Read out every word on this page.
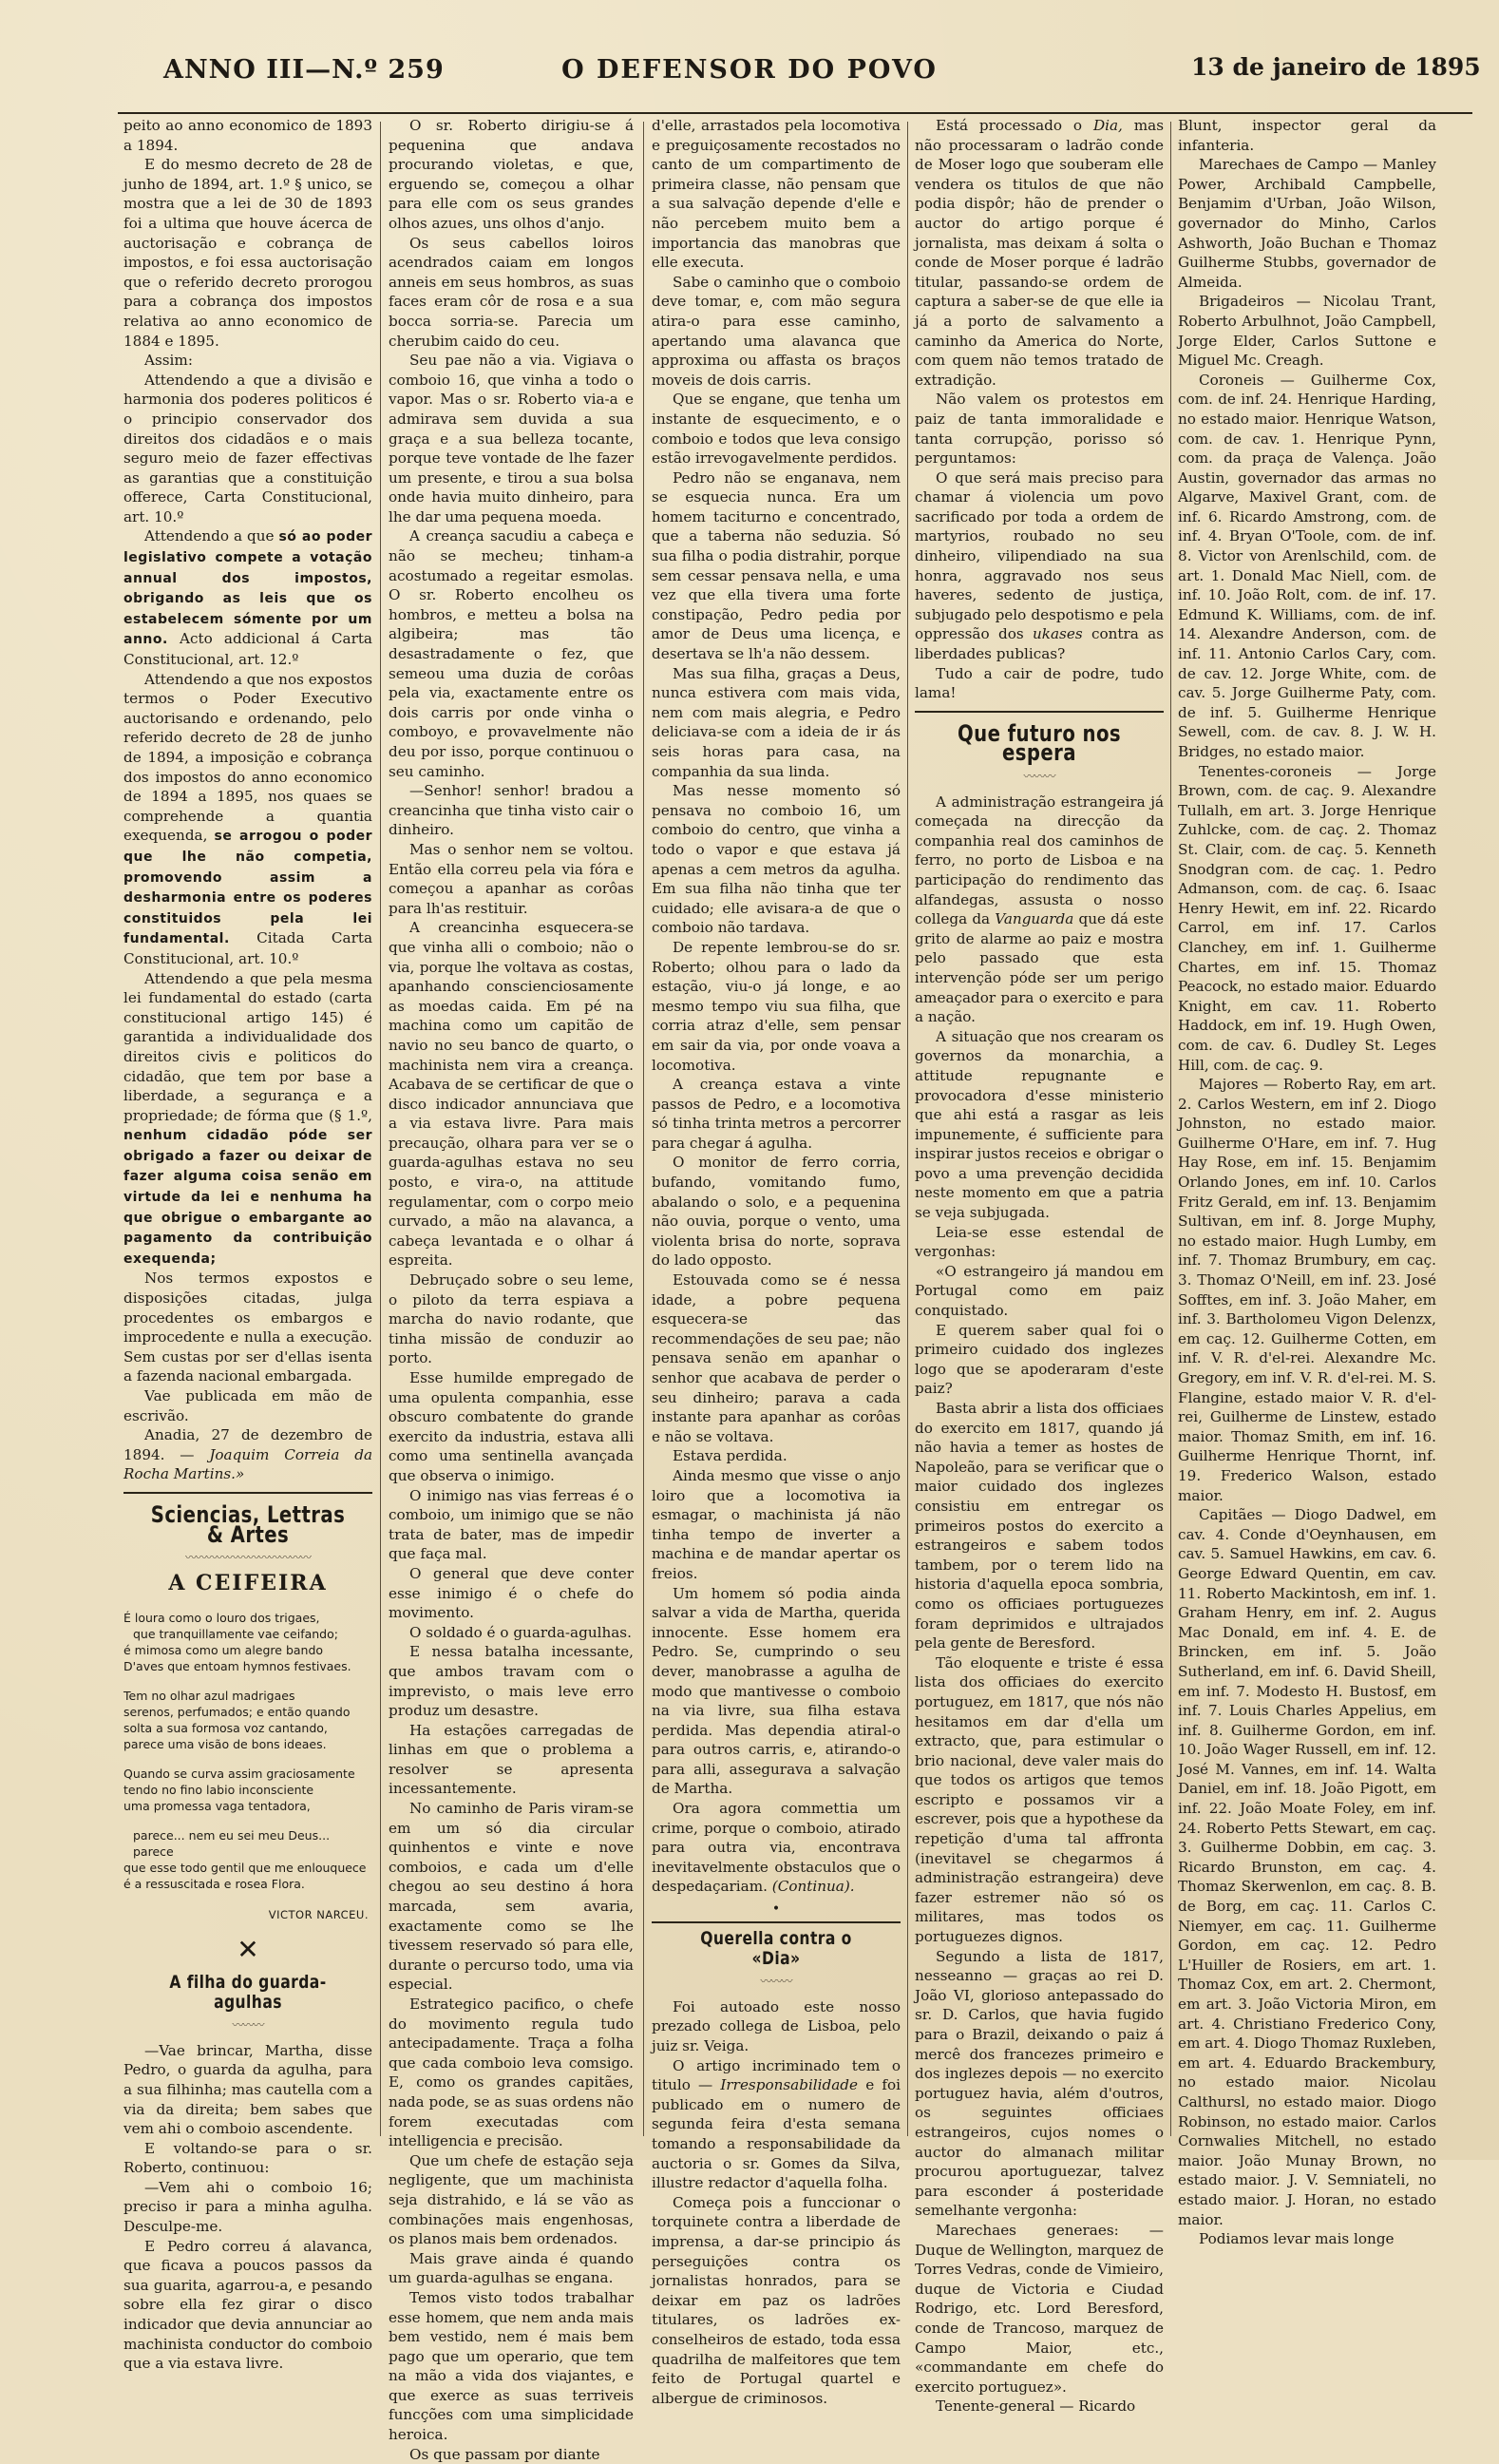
ANNO III—N.º 259	O DEFENSOR DO POVO	13 de janeiro de 1895

peito ao anno economico de 1893 a 1894.

E do mesmo decreto de 28 de junho de 1894, art. 1.º § unico, se mostra que a lei de 30 de 1893 foi a ultima que houve ácerca de auctorisação e cobrança de impostos, e foi essa auctorisação que o referido decreto prorogou para a cobrança dos impostos relativa ao anno economico de 1884 e 1895.

Assim:

Attendendo a que a divisão e harmonia dos poderes politicos é o principio conservador dos direitos dos cidadãos e o mais seguro meio de fazer effectivas as garantias que a constituição offerece, Carta Constitucional, art. 10.º

Attendendo a que só ao poder legislativo compete a votação annual dos impostos, obrigando as leis que os estabelecem sómente por um anno. Acto addicional á Carta Constitucional, art. 12.º

Attendendo a que nos expostos termos o Poder Executivo auctorisando e ordenando, pelo referido decreto de 28 de junho de 1894, a imposição e cobrança dos impostos do anno economico de 1894 a 1895, nos quaes se comprehende a quantia exequenda, se arrogou o poder que lhe não competia, promovendo assim a desharmonia entre os poderes constituidos pela lei fundamental. Citada Carta Constitucional, art. 10.º

Attendendo a que pela mesma lei fundamental do estado (carta constitucional artigo 145) é garantida a individualidade dos direitos civis e politicos do cidadão, que tem por base a liberdade, a segurança e a propriedade; de fórma que (§ 1.º, nenhum cidadão póde ser obrigado a fazer ou deixar de fazer alguma coisa senão em virtude da lei e nenhuma ha que obrigue o embargante ao pagamento da contribuição exequenda;

Nos termos expostos e disposições citadas, julga procedentes os embargos e improcedente e nulla a execução. Sem custas por ser d'ellas isenta a fazenda nacional embargada.

Vae publicada em mão de escrivão.

Anadia, 27 de dezembro de 1894. — Joaquim Correia da Rocha Martins.»

Sciencias, Lettras & Artes
〰〰〰〰〰〰〰〰〰〰〰〰
A CEIFEIRA
É loura como o louro dos trigaes,
que tranquillamente vae ceifando;
é mimosa como um alegre bando
D'aves que entoam hymnos festivaes.
Tem no olhar azul madrigaes
serenos, perfumados; e então quando
solta a sua formosa voz cantando,
parece uma visão de bons ideaes.
Quando se curva assim graciosamente
tendo no fino labio inconsciente
uma promessa vaga tentadora,
parece... nem eu sei meu Deus... parece
que esse todo gentil que me enlouquece
é a ressuscitada e rosea Flora.
VICTOR NARCEU.
✕
A filha do guarda-agulhas
〰〰〰

—Vae brincar, Martha, disse Pedro, o guarda da agulha, para a sua filhinha; mas cautella com a via da direita; bem sabes que vem ahi o comboio ascendente.

E voltando-se para o sr. Roberto, continuou:

—Vem ahi o comboio 16; preciso ir para a minha agulha. Desculpe-me.

E Pedro correu á alavanca, que ficava a poucos passos da sua guarita, agarrou-a, e pesando sobre ella fez girar o disco indicador que devia annunciar ao machinista conductor do comboio que a via estava livre.

O sr. Roberto dirigiu-se á pequenina que andava procurando violetas, e que, erguendo se, começou a olhar para elle com os seus grandes olhos azues, uns olhos d'anjo.

Os seus cabellos loiros acendrados caiam em longos anneis em seus hombros, as suas faces eram côr de rosa e a sua bocca sorria-se. Parecia um cherubim caido do ceu.

Seu pae não a via. Vigiava o comboio 16, que vinha a todo o vapor. Mas o sr. Roberto via-a e admirava sem duvida a sua graça e a sua belleza tocante, porque teve vontade de lhe fazer um presente, e tirou a sua bolsa onde havia muito dinheiro, para lhe dar uma pequena moeda.

A creança sacudiu a cabeça e não se mecheu; tinham-a acostumado a regeitar esmolas. O sr. Roberto encolheu os hombros, e metteu a bolsa na algibeira; mas tão desastradamente o fez, que semeou uma duzia de corôas pela via, exactamente entre os dois carris por onde vinha o comboyo, e provavelmente não deu por isso, porque continuou o seu caminho.

—Senhor! senhor! bradou a creancinha que tinha visto cair o dinheiro.

Mas o senhor nem se voltou. Então ella correu pela via fóra e começou a apanhar as corôas para lh'as restituir.

A creancinha esquecera-se que vinha alli o comboio; não o via, porque lhe voltava as costas, apanhando conscienciosamente as moedas caida. Em pé na machina como um capitão de navio no seu banco de quarto, o machinista nem vira a creança. Acabava de se certificar de que o disco indicador annunciava que a via estava livre. Para mais precaução, olhara para ver se o guarda-agulhas estava no seu posto, e vira-o, na attitude regulamentar, com o corpo meio curvado, a mão na alavanca, a cabeça levantada e o olhar á espreita.

Debruçado sobre o seu leme, o piloto da terra espiava a marcha do navio rodante, que tinha missão de conduzir ao porto.

Esse humilde empregado de uma opulenta companhia, esse obscuro combatente do grande exercito da industria, estava alli como uma sentinella avançada que observa o inimigo.

O inimigo nas vias ferreas é o comboio, um inimigo que se não trata de bater, mas de impedir que faça mal.

O general que deve conter esse inimigo é o chefe do movimento.

O soldado é o guarda-agulhas.

E nessa batalha incessante, que ambos travam com o imprevisto, o mais leve erro produz um desastre.

Ha estações carregadas de linhas em que o problema a resolver se apresenta incessantemente.

No caminho de Paris viram-se em um só dia circular quinhentos e vinte e nove comboios, e cada um d'elle chegou ao seu destino á hora marcada, sem avaria, exactamente como se lhe tivessem reservado só para elle, durante o percurso todo, uma via especial.

Estrategico pacifico, o chefe do movimento regula tudo antecipadamente. Traça a folha que cada comboio leva comsigo. E, como os grandes capitães, nada pode, se as suas ordens não forem executadas com intelligencia e precisão.

Que um chefe de estação seja negligente, que um machinista seja distrahido, e lá se vão as combinações mais engenhosas, os planos mais bem ordenados.

Mais grave ainda é quando um guarda-agulhas se engana.

Temos visto todos trabalhar esse homem, que nem anda mais bem vestido, nem é mais bem pago que um operario, que tem na mão a vida dos viajantes, e que exerce as suas terriveis funcções com uma simplicidade heroica.

Os que passam por diante

d'elle, arrastados pela locomotiva e preguiçosamente recostados no canto de um compartimento de primeira classe, não pensam que a sua salvação depende d'elle e não percebem muito bem a importancia das manobras que elle executa.

Sabe o caminho que o comboio deve tomar, e, com mão segura atira-o para esse caminho, apertando uma alavanca que approxima ou affasta os braços moveis de dois carris.

Que se engane, que tenha um instante de esquecimento, e o comboio e todos que leva consigo estão irrevogavelmente perdidos.

Pedro não se enganava, nem se esquecia nunca. Era um homem taciturno e concentrado, que a taberna não seduzia. Só sua filha o podia distrahir, porque sem cessar pensava nella, e uma vez que ella tivera uma forte constipação, Pedro pedia por amor de Deus uma licença, e desertava se lh'a não dessem.

Mas sua filha, graças a Deus, nunca estivera com mais vida, nem com mais alegria, e Pedro deliciava-se com a ideia de ir ás seis horas para casa, na companhia da sua linda.

Mas nesse momento só pensava no comboio 16, um comboio do centro, que vinha a todo o vapor e que estava já apenas a cem metros da agulha. Em sua filha não tinha que ter cuidado; elle avisara-a de que o comboio não tardava.

De repente lembrou-se do sr. Roberto; olhou para o lado da estação, viu-o já longe, e ao mesmo tempo viu sua filha, que corria atraz d'elle, sem pensar em sair da via, por onde voava a locomotiva.

A creança estava a vinte passos de Pedro, e a locomotiva só tinha trinta metros a percorrer para chegar á agulha.

O monitor de ferro corria, bufando, vomitando fumo, abalando o solo, e a pequenina não ouvia, porque o vento, uma violenta brisa do norte, soprava do lado opposto.

Estouvada como se é nessa idade, a pobre pequena esquecera-se das recommendações de seu pae; não pensava senão em apanhar o senhor que acabava de perder o seu dinheiro; parava a cada instante para apanhar as corôas e não se voltava.

Estava perdida.

Ainda mesmo que visse o anjo loiro que a locomotiva ia esmagar, o machinista já não tinha tempo de inverter a machina e de mandar apertar os freios.

Um homem só podia ainda salvar a vida de Martha, querida innocente. Esse homem era Pedro. Se, cumprindo o seu dever, manobrasse a agulha de modo que mantivesse o comboio na via livre, sua filha estava perdida. Mas dependia atiral-o para outros carris, e, atirando-o para alli, assegurava a salvação de Martha.

Ora agora commettia um crime, porque o comboio, atirado para outra via, encontrava inevitavelmente obstaculos que o despedaçariam. (Continua).

•
Querella contra o «Dia»
〰〰〰

Foi autoado este nosso prezado collega de Lisboa, pelo juiz sr. Veiga.

O artigo incriminado tem o titulo — Irresponsabilidade e foi publicado em o numero de segunda feira d'esta semana tomando a responsabilidade da auctoria o sr. Gomes da Silva, illustre redactor d'aquella folha.

Começa pois a funccionar o torquinete contra a liberdade de imprensa, a dar-se principio ás perseguições contra os jornalistas honrados, para se deixar em paz os ladrões titulares, os ladrões ex-conselheiros de estado, toda essa quadrilha de malfeitores que tem feito de Portugal quartel e albergue de criminosos.

Está processado o Dia, mas não processaram o ladrão conde de Moser logo que souberam elle vendera os titulos de que não podia dispôr; hão de prender o auctor do artigo porque é jornalista, mas deixam á solta o conde de Moser porque é ladrão titular, passando-se ordem de captura a saber-se de que elle ia já a porto de salvamento a caminho da America do Norte, com quem não temos tratado de extradição.

Não valem os protestos em paiz de tanta immoralidade e tanta corrupção, porisso só perguntamos:

O que será mais preciso para chamar á violencia um povo sacrificado por toda a ordem de martyrios, roubado no seu dinheiro, vilipendiado na sua honra, aggravado nos seus haveres, sedento de justiça, subjugado pelo despotismo e pela oppressão dos ukases contra as liberdades publicas?

Tudo a cair de podre, tudo lama!

Que futuro nos espera
〰〰〰

A administração estrangeira já começada na direcção da companhia real dos caminhos de ferro, no porto de Lisboa e na participação do rendimento das alfandegas, assusta o nosso collega da Vanguarda que dá este grito de alarme ao paiz e mostra pelo passado que esta intervenção póde ser um perigo ameaçador para o exercito e para a nação.

A situação que nos crearam os governos da monarchia, a attitude repugnante e provocadora d'esse ministerio que ahi está a rasgar as leis impunemente, é sufficiente para inspirar justos receios e obrigar o povo a uma prevenção decidida neste momento em que a patria se veja subjugada.

Leia-se esse estendal de vergonhas:

«O estrangeiro já mandou em Portugal como em paiz conquistado.

E querem saber qual foi o primeiro cuidado dos inglezes logo que se apoderaram d'este paiz?

Basta abrir a lista dos officiaes do exercito em 1817, quando já não havia a temer as hostes de Napoleão, para se verificar que o maior cuidado dos inglezes consistiu em entregar os primeiros postos do exercito a estrangeiros e sabem todos tambem, por o terem lido na historia d'aquella epoca sombria, como os officiaes portuguezes foram deprimidos e ultrajados pela gente de Beresford.

Tão eloquente e triste é essa lista dos officiaes do exercito portuguez, em 1817, que nós não hesitamos em dar d'ella um extracto, que, para estimular o brio nacional, deve valer mais do que todos os artigos que temos escripto e possamos vir a escrever, pois que a hypothese da repetição d'uma tal affronta (inevitavel se chegarmos á administração estrangeira) deve fazer estremer não só os militares, mas todos os portuguezes dignos.

Segundo a lista de 1817, nesseanno — graças ao rei D. João VI, glorioso antepassado do sr. D. Carlos, que havia fugido para o Brazil, deixando o paiz á mercê dos francezes primeiro e dos inglezes depois — no exercito portuguez havia, além d'outros, os seguintes officiaes estrangeiros, cujos nomes o auctor do almanach militar procurou aportuguezar, talvez para esconder á posteridade semelhante vergonha:

Marechaes generaes: — Duque de Wellington, marquez de Torres Vedras, conde de Vimieiro, duque de Victoria e Ciudad Rodrigo, etc. Lord Beresford, conde de Trancoso, marquez de Campo Maior, etc., «commandante em chefe do exercito portuguez».

Tenente-general — Ricardo

Blunt, inspector geral da infanteria.

Marechaes de Campo — Manley Power, Archibald Campbelle, Benjamim d'Urban, João Wilson, governador do Minho, Carlos Ashworth, João Buchan e Thomaz Guilherme Stubbs, governador de Almeida.

Brigadeiros — Nicolau Trant, Roberto Arbulhnot, João Campbell, Jorge Elder, Carlos Suttone e Miguel Mc. Creagh.

Coroneis — Guilherme Cox, com. de inf. 24. Henrique Harding, no estado maior. Henrique Watson, com. de cav. 1. Henrique Pynn, com. da praça de Valença. João Austin, governador das armas no Algarve, Maxivel Grant, com. de inf. 6. Ricardo Amstrong, com. de inf. 4. Bryan O'Toole, com. de inf. 8. Victor von Arenlschild, com. de art. 1. Donald Mac Niell, com. de inf. 10. João Rolt, com. de inf. 17. Edmund K. Williams, com. de inf. 14. Alexandre Anderson, com. de inf. 11. Antonio Carlos Cary, com. de cav. 12. Jorge White, com. de cav. 5. Jorge Guilherme Paty, com. de inf. 5. Guilherme Henrique Sewell, com. de cav. 8. J. W. H. Bridges, no estado maior.

Tenentes-coroneis — Jorge Brown, com. de caç. 9. Alexandre Tullalh, em art. 3. Jorge Henrique Zuhlcke, com. de caç. 2. Thomaz St. Clair, com. de caç. 5. Kenneth Snodgran com. de caç. 1. Pedro Admanson, com. de caç. 6. Isaac Henry Hewit, em inf. 22. Ricardo Carrol, em inf. 17. Carlos Clanchey, em inf. 1. Guilherme Chartes, em inf. 15. Thomaz Peacock, no estado maior. Eduardo Knight, em cav. 11. Roberto Haddock, em inf. 19. Hugh Owen, com. de cav. 6. Dudley St. Leges Hill, com. de caç. 9.

Majores — Roberto Ray, em art. 2. Carlos Western, em inf 2. Diogo Johnston, no estado maior. Guilherme O'Hare, em inf. 7. Hug Hay Rose, em inf. 15. Benjamim Orlando Jones, em inf. 10. Carlos Fritz Gerald, em inf. 13. Benjamim Sultivan, em inf. 8. Jorge Muphy, no estado maior. Hugh Lumby, em inf. 7. Thomaz Brumbury, em caç. 3. Thomaz O'Neill, em inf. 23. José Sofftes, em inf. 3. João Maher, em inf. 3. Bartholomeu Vigon Delenzx, em caç. 12. Guilherme Cotten, em inf. V. R. d'el-rei. Alexandre Mc. Gregory, em inf. V. R. d'el-rei. M. S. Flangine, estado maior V. R. d'el-rei, Guilherme de Linstew, estado maior. Thomaz Smith, em inf. 16. Guilherme Henrique Thornt, inf. 19. Frederico Walson, estado maior.

Capitães — Diogo Dadwel, em cav. 4. Conde d'Oeynhausen, em cav. 5. Samuel Hawkins, em cav. 6. George Edward Quentin, em cav. 11. Roberto Mackintosh, em inf. 1. Graham Henry, em inf. 2. Augus Mac Donald, em inf. 4. E. de Brincken, em inf. 5. João Sutherland, em inf. 6. David Sheill, em inf. 7. Modesto H. Bustosf, em inf. 7. Louis Charles Appelius, em inf. 8. Guilherme Gordon, em inf. 10. João Wager Russell, em inf. 12. José M. Vannes, em inf. 14. Walta Daniel, em inf. 18. João Pigott, em inf. 22. João Moate Foley, em inf. 24. Roberto Petts Stewart, em caç. 3. Guilherme Dobbin, em caç. 3. Ricardo Brunston, em caç. 4. Thomaz Skerwenlon, em caç. 8. B. de Borg, em caç. 11. Carlos C. Niemyer, em caç. 11. Guilherme Gordon, em caç. 12. Pedro L'Huiller de Rosiers, em art. 1. Thomaz Cox, em art. 2. Chermont, em art. 3. João Victoria Miron, em art. 4. Christiano Frederico Cony, em art. 4. Diogo Thomaz Ruxleben, em art. 4. Eduardo Brackembury, no estado maior. Nicolau Calthursl, no estado maior. Diogo Robinson, no estado maior. Carlos Cornwalies Mitchell, no estado maior. João Munay Brown, no estado maior. J. V. Semniateli, no estado maior. J. Horan, no estado maior.

Podiamos levar mais longe
